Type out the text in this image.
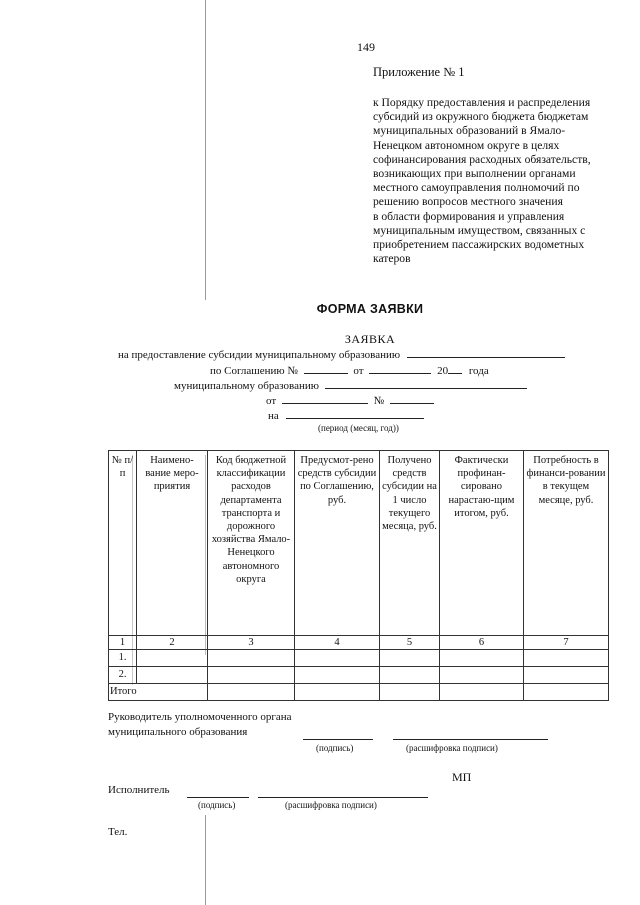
149
Приложение № 1
к Порядку предоставления и распределения
субсидий из окружного бюджета бюджетам
муниципальных образований в Ямало-
Ненецком автономном округе в целях
софинансирования расходных обязательств,
возникающих при выполнении органами
местного самоуправления полномочий по
решению вопросов местного значения
в области формирования и управления
муниципальным имуществом, связанных с
приобретением пассажирских водометных
катеров
ФОРМА ЗАЯВКИ
ЗАЯВКА
на предоставление субсидии муниципальному образованию
по Соглашению №	от	20 года
муниципальному образованию
от	№
на
(период (месяц, год))
№ п/п	Наимено-вание меро-приятия	Код бюджетной классификации расходов департамента транспорта и дорожного хозяйства Ямало-Ненецкого автономного округа	Предусмот-рено средств субсидии по Соглашению, руб.	Получено средств субсидии на 1 число текущего месяца, руб.	Фактически профинан-сировано нарастаю-щим итогом, руб.	Потребность в финанси-ровании в текущем месяце, руб.
1	2	3	4	5	6	7
1.						
2.						
Итого						
Руководитель уполномоченного органа
муниципального образования
(подпись)	(расшифровка подписи)
МП
Исполнитель
(подпись)	(расшифровка подписи)
Тел.
